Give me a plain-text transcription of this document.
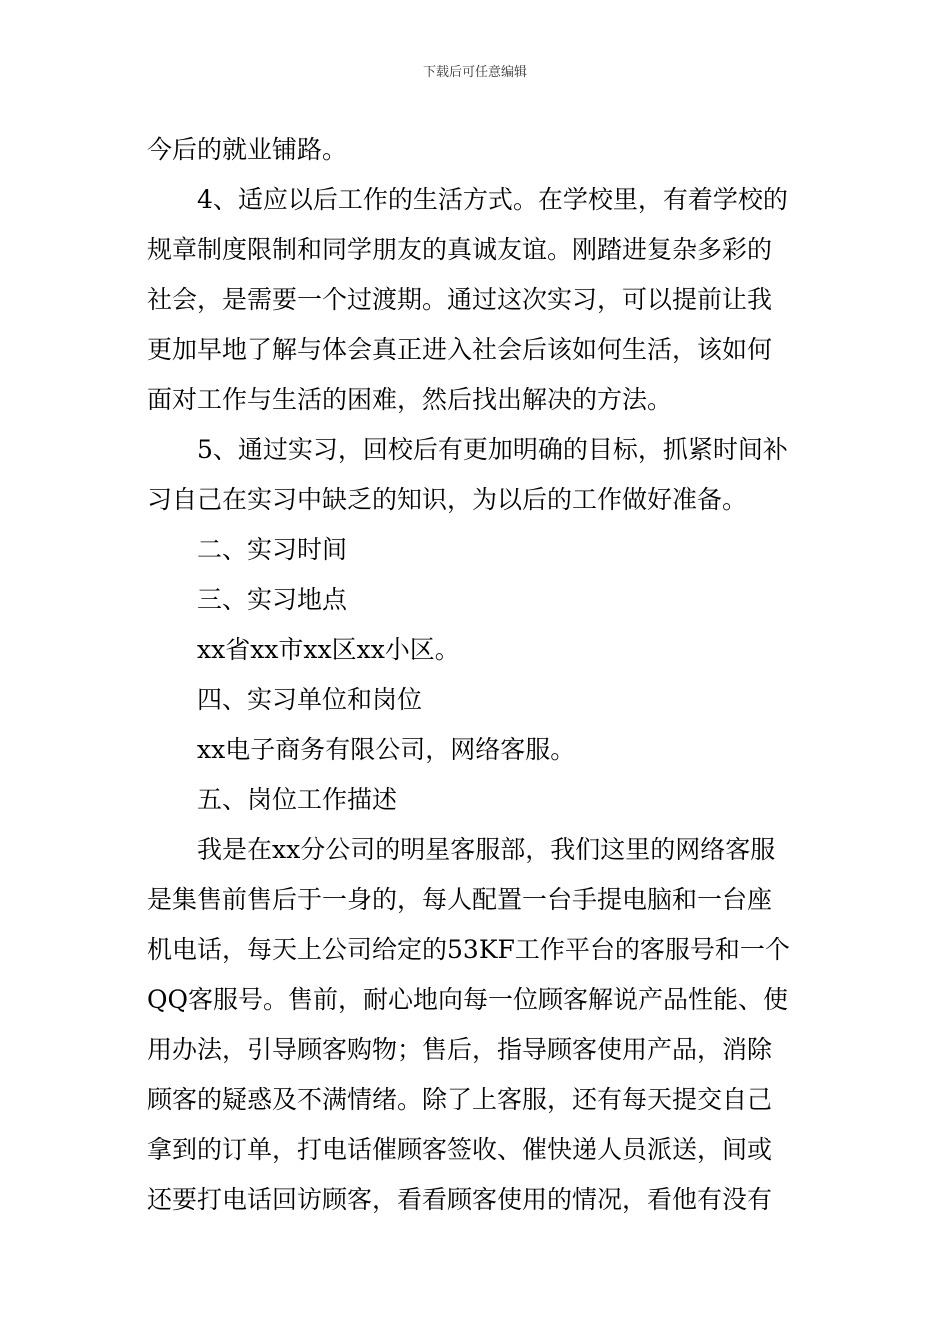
下载后可任意编辑
今后的就业铺路。
4、适应以后工作的生活方式。在学校里，有着学校的
规章制度限制和同学朋友的真诚友谊。刚踏进复杂多彩的
社会，是需要一个过渡期。通过这次实习，可以提前让我
更加早地了解与体会真正进入社会后该如何生活，该如何
面对工作与生活的困难，然后找出解决的方法。
5、通过实习，回校后有更加明确的目标，抓紧时间补
习自己在实习中缺乏的知识，为以后的工作做好准备。
二、实习时间
三、实习地点
xx省xx市xx区xx小区。
四、实习单位和岗位
xx电子商务有限公司，网络客服。
五、岗位工作描述
我是在xx分公司的明星客服部，我们这里的网络客服
是集售前售后于一身的，每人配置一台手提电脑和一台座
机电话，每天上公司给定的53KF工作平台的客服号和一个
QQ客服号。售前，耐心地向每一位顾客解说产品性能、使
用办法，引导顾客购物；售后，指导顾客使用产品，消除
顾客的疑惑及不满情绪。除了上客服，还有每天提交自己
拿到的订单，打电话催顾客签收、催快递人员派送，间或
还要打电话回访顾客，看看顾客使用的情况，看他有没有
